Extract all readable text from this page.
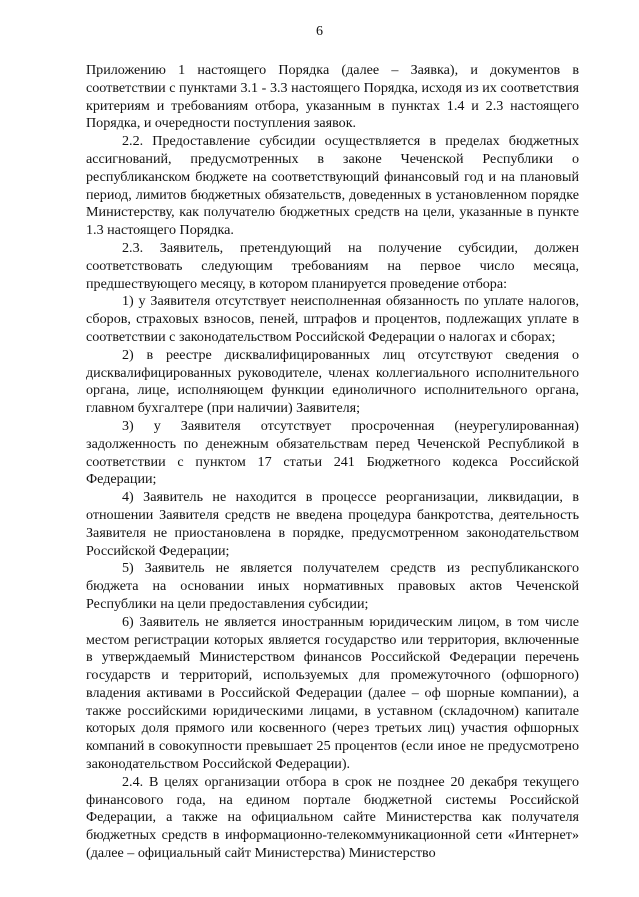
6

Приложению 1 настоящего Порядка (далее – Заявка), и документов в соответствии с пунктами 3.1 - 3.3 настоящего Порядка, исходя из их соответствия критериям и требованиям отбора, указанным в пунктах 1.4 и 2.3 настоящего Порядка, и очередности поступления заявок.

2.2. Предоставление субсидии осуществляется в пределах бюджетных ассигнований, предусмотренных в законе Чеченской Республики о республиканском бюджете на соответствующий финансовый год и на плановый период, лимитов бюджетных обязательств, доведенных в установленном порядке Министерству, как получателю бюджетных средств на цели, указанные в пункте 1.3 настоящего Порядка.

2.3. Заявитель, претендующий на получение субсидии, должен соответствовать следующим требованиям на первое число месяца, предшествующего месяцу, в котором планируется проведение отбора:

1) у Заявителя отсутствует неисполненная обязанность по уплате налогов, сборов, страховых взносов, пеней, штрафов и процентов, подлежащих уплате в соответствии с законодательством Российской Федерации о налогах и сборах;

2) в реестре дисквалифицированных лиц отсутствуют сведения о дисквалифицированных руководителе, членах коллегиального исполнительного органа, лице, исполняющем функции единоличного исполнительного органа, главном бухгалтере (при наличии) Заявителя;

3) у Заявителя отсутствует просроченная (неурегулированная) задолженность по денежным обязательствам перед Чеченской Республикой в соответствии с пунктом 17 статьи 241 Бюджетного кодекса Российской Федерации;

4) Заявитель не находится в процессе реорганизации, ликвидации, в отношении Заявителя средств не введена процедура банкротства, деятельность Заявителя не приостановлена в порядке, предусмотренном законодательством Российской Федерации;

5) Заявитель не является получателем средств из республиканского бюджета на основании иных нормативных правовых актов Чеченской Республики на цели предоставления субсидии;

6) Заявитель не является иностранным юридическим лицом, в том числе местом регистрации которых является государство или территория, включенные в утверждаемый Министерством финансов Российской Федерации перечень государств и территорий, используемых для промежуточного (офшорного) владения активами в Российской Федерации (далее – оф шорные компании), а также российскими юридическими лицами, в уставном (складочном) капитале которых доля прямого или косвенного (через третьих лиц) участия офшорных компаний в совокупности превышает 25 процентов (если иное не предусмотрено законодательством Российской Федерации).

2.4. В целях организации отбора в срок не позднее 20 декабря текущего финансового года, на едином портале бюджетной системы Российской Федерации, а также на официальном сайте Министерства как получателя бюджетных средств в информационно-телекоммуникационной сети «Интернет» (далее – официальный сайт Министерства) Министерство
